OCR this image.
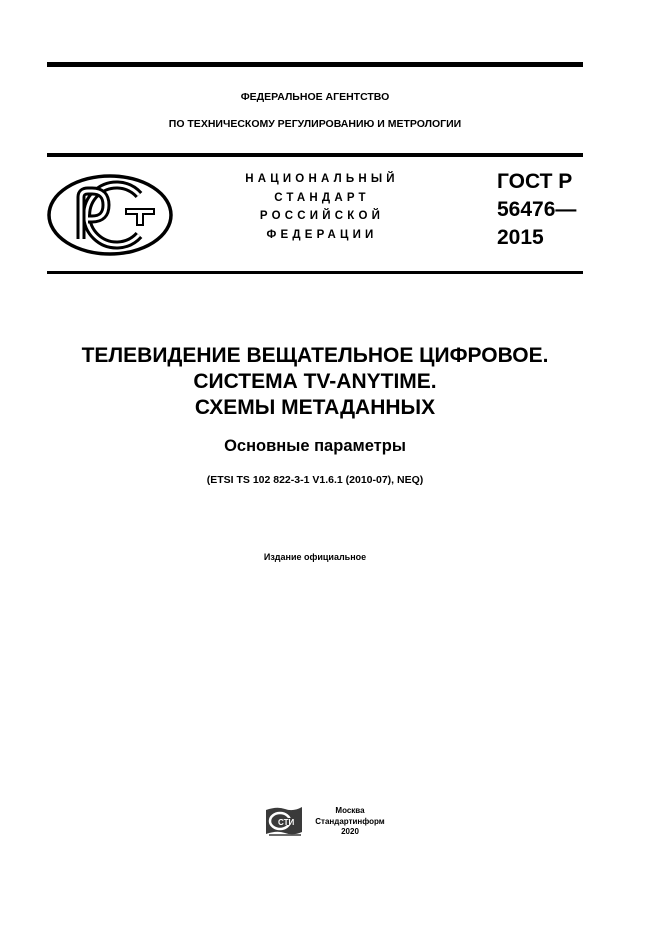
ФЕДЕРАЛЬНОЕ АГЕНТСТВО
ПО ТЕХНИЧЕСКОМУ РЕГУЛИРОВАНИЮ И МЕТРОЛОГИИ
НАЦИОНАЛЬНЫЙ
СТАНДАРТ
РОССИЙСКОЙ
ФЕДЕРАЦИИ
ГОСТ Р
56476—
2015
ТЕЛЕВИДЕНИЕ ВЕЩАТЕЛЬНОЕ ЦИФРОВОЕ.
СИСТЕМА TV-ANYTIME.
СХЕМЫ МЕТАДАННЫХ
Основные параметры
(ETSI TS 102 822-3-1 V1.6.1 (2010-07), NEQ)
Издание официальное
СТИ
Москва
Стандартинформ
2020
